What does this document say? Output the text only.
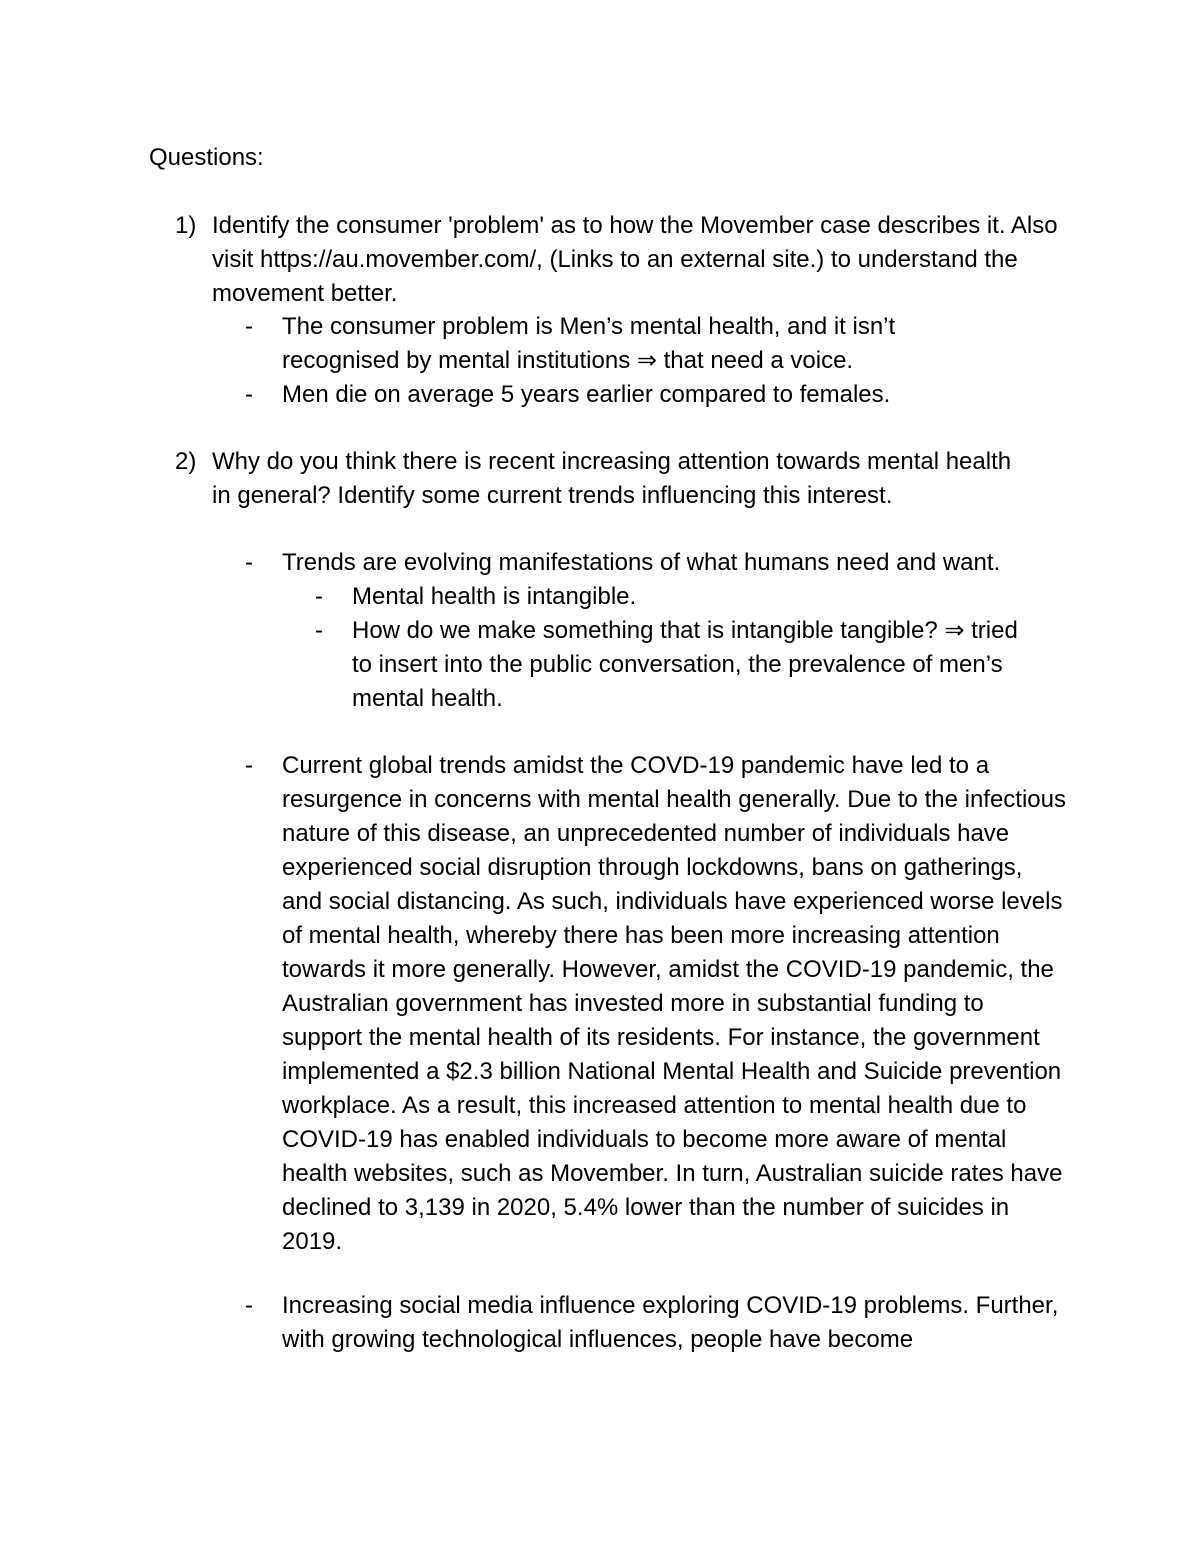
Questions:
1) Identify the consumer 'problem' as to how the Movember case describes it. Also visit https://au.movember.com/, (Links to an external site.) to understand the movement better.
- The consumer problem is Men’s mental health, and it isn’t recognised by mental institutions ⇒ that need a voice.
- Men die on average 5 years earlier compared to females.
2) Why do you think there is recent increasing attention towards mental health in general? Identify some current trends influencing this interest.
- Trends are evolving manifestations of what humans need and want.
- Mental health is intangible.
- How do we make something that is intangible tangible? ⇒ tried to insert into the public conversation, the prevalence of men’s mental health.
- Current global trends amidst the COVD-19 pandemic have led to a resurgence in concerns with mental health generally. Due to the infectious nature of this disease, an unprecedented number of individuals have experienced social disruption through lockdowns, bans on gatherings, and social distancing. As such, individuals have experienced worse levels of mental health, whereby there has been more increasing attention towards it more generally. However, amidst the COVID-19 pandemic, the Australian government has invested more in substantial funding to support the mental health of its residents. For instance, the government implemented a $2.3 billion National Mental Health and Suicide prevention workplace. As a result, this increased attention to mental health due to COVID-19 has enabled individuals to become more aware of mental health websites, such as Movember. In turn, Australian suicide rates have declined to 3,139 in 2020, 5.4% lower than the number of suicides in 2019.
- Increasing social media influence exploring COVID-19 problems. Further, with growing technological influences, people have become
